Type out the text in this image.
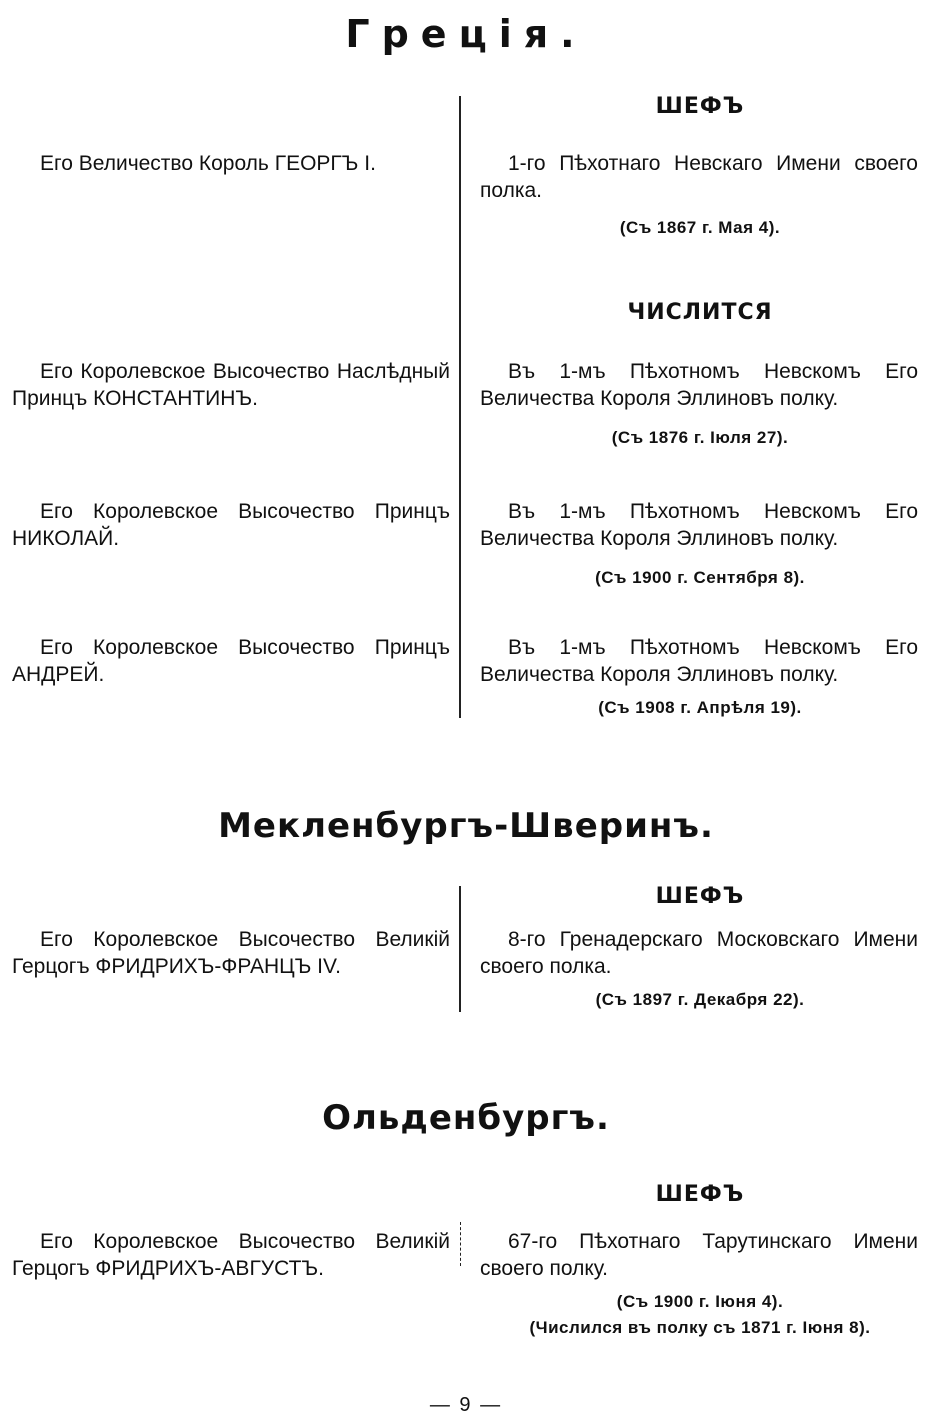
Греція.
ШЕФЪ
Его Величество Король ГЕОРГЪ I.	1-го Пѣхотнаго Невскаго Имени своего полка.
(Съ 1867 г. Мая 4).
ЧИСЛИТСЯ
Его Королевское Высочество Наслѣдный Принцъ КОНСТАНТИНЪ.
Въ 1-мъ Пѣхотномъ Невскомъ Его Величества Короля Эллиновъ полку.
(Съ 1876 г. Іюля 27).
Его Королевское Высочество Принцъ НИКОЛАЙ.
Въ 1-мъ Пѣхотномъ Невскомъ Его Величества Короля Эллиновъ полку.
(Съ 1900 г. Сентября 8).
Его Королевское Высочество Принцъ АНДРЕЙ.
Въ 1-мъ Пѣхотномъ Невскомъ Его Величества Короля Эллиновъ полку.
(Съ 1908 г. Апрѣля 19).
Мекленбургъ-Шверинъ.
ШЕФЪ
Его Королевское Высочество Великій Герцогъ ФРИДРИХЪ-ФРАНЦЪ IV.
8-го Гренадерскаго Московскаго Имени своего полка.
(Съ 1897 г. Декабря 22).
Ольденбургъ.
ШЕФЪ
Его Королевское Высочество Великій Герцогъ ФРИДРИХЪ-АВГУСТЪ.
67-го Пѣхотнаго Тарутинскаго Имени своего полку.
(Съ 1900 г. Іюня 4).
(Числился въ полку съ 1871 г. Іюня 8).
— 9 —
